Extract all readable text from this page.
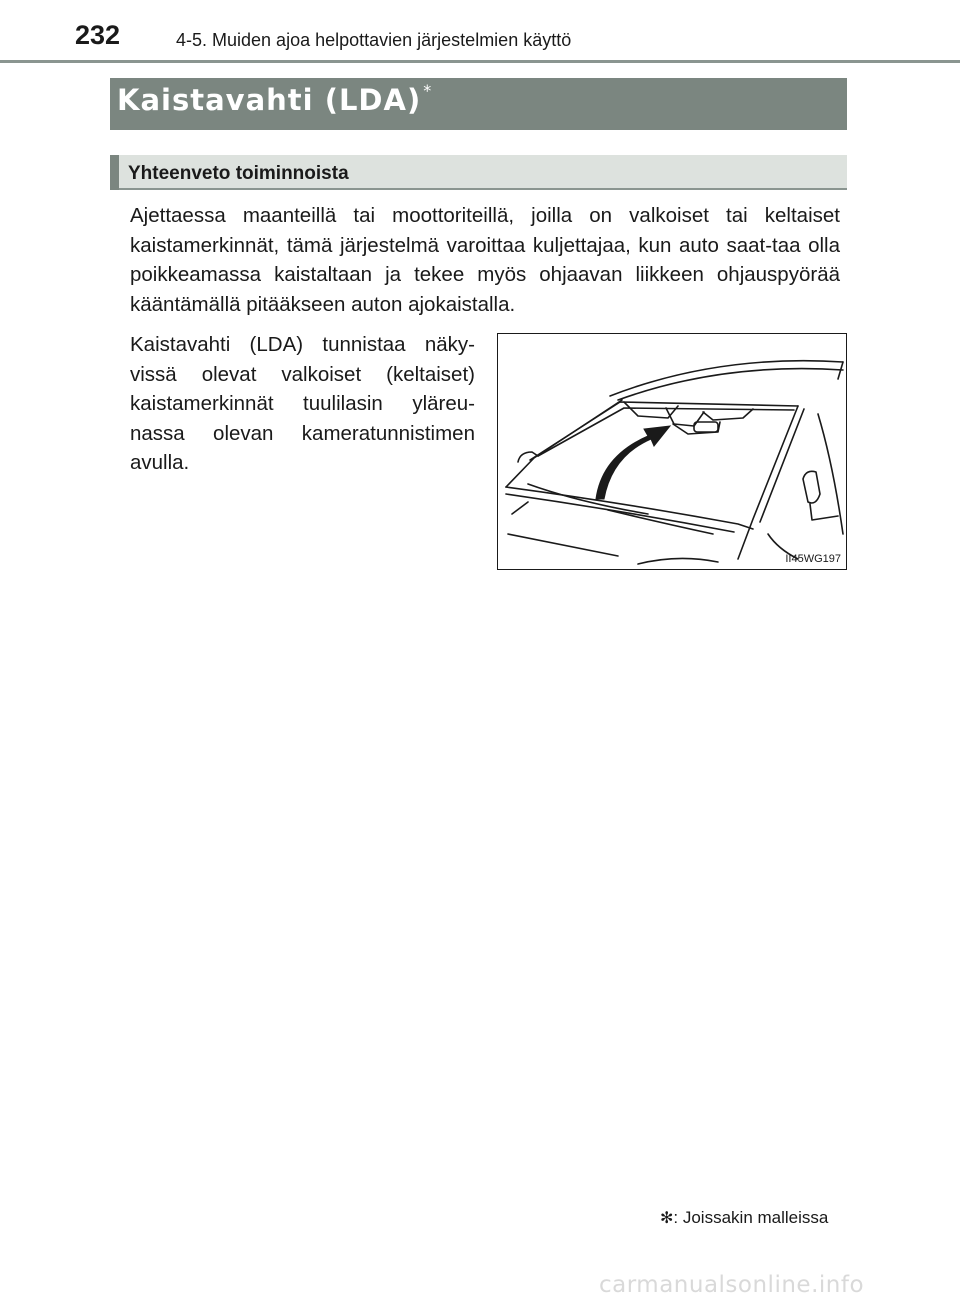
232	4-5. Muiden ajoa helpottavien järjestelmien käyttö
Kaistavahti (LDA) *
Yhteenveto toiminnoista
Ajettaessa maanteillä tai moottoriteillä, joilla on valkoiset tai keltaiset kaistamerkinnät, tämä järjestelmä varoittaa kuljettajaa, kun auto saat-taa olla poikkeamassa kaistaltaan ja tekee myös ohjaavan liikkeen ohjauspyörää kääntämällä pitääkseen auton ajokaistalla.
Kaistavahti (LDA) tunnistaa näky-vissä olevat valkoiset (keltaiset) kaistamerkinnät tuulilasin yläreu-nassa olevan kameratunnistimen avulla.
II45WG197
✻: Joissakin malleissa
carmanualsonline.info
